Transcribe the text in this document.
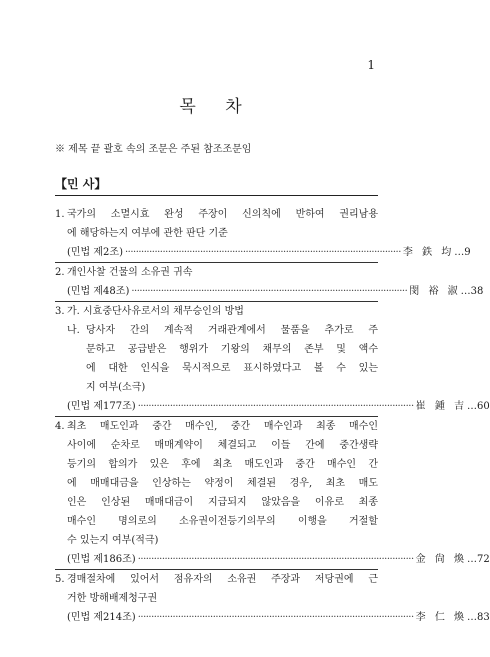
1
목 차
※ 제목 끝 괄호 속의 조문은 주된 참조조문임
【민 사】
1. 국가의 소멸시효 완성 주장이 신의칙에 반하여 권리남용
에 해당하는지 여부에 관한 판단 기준
(민법 제2조) ······································································································· 李 鉄 均 …9
2. 개인사찰 건물의 소유권 귀속
(민법 제48조) ······································································································· 閔 裕 淑 …38
3. 가. 시효중단사유로서의 채무승인의 방법
나. 당사자 간의 계속적 거래관계에서 물품을 추가로 주
문하고 공급받은 행위가 기왕의 채무의 존부 및 액수
에 대한 인식을 묵시적으로 표시하였다고 볼 수 있는
지 여부(소극)
(민법 제177조) ······································································································· 崔 鍾 吉 …60
4. 최초 매도인과 중간 매수인, 중간 매수인과 최종 매수인
사이에 순차로 매매계약이 체결되고 이들 간에 중간생략
등기의 합의가 있은 후에 최초 매도인과 중간 매수인 간
에 매매대금을 인상하는 약정이 체결된 경우, 최초 매도
인은 인상된 매매대금이 지급되지 않았음을 이유로 최종
매수인 명의로의 소유권이전등기의무의 이행을 거절할
수 있는지 여부(적극)
(민법 제186조) ······································································································· 金 尙 煥 …72
5. 경매절차에 있어서 점유자의 소유권 주장과 저당권에 근
거한 방해배제청구권
(민법 제214조) ······································································································· 李 仁 煥 …83
